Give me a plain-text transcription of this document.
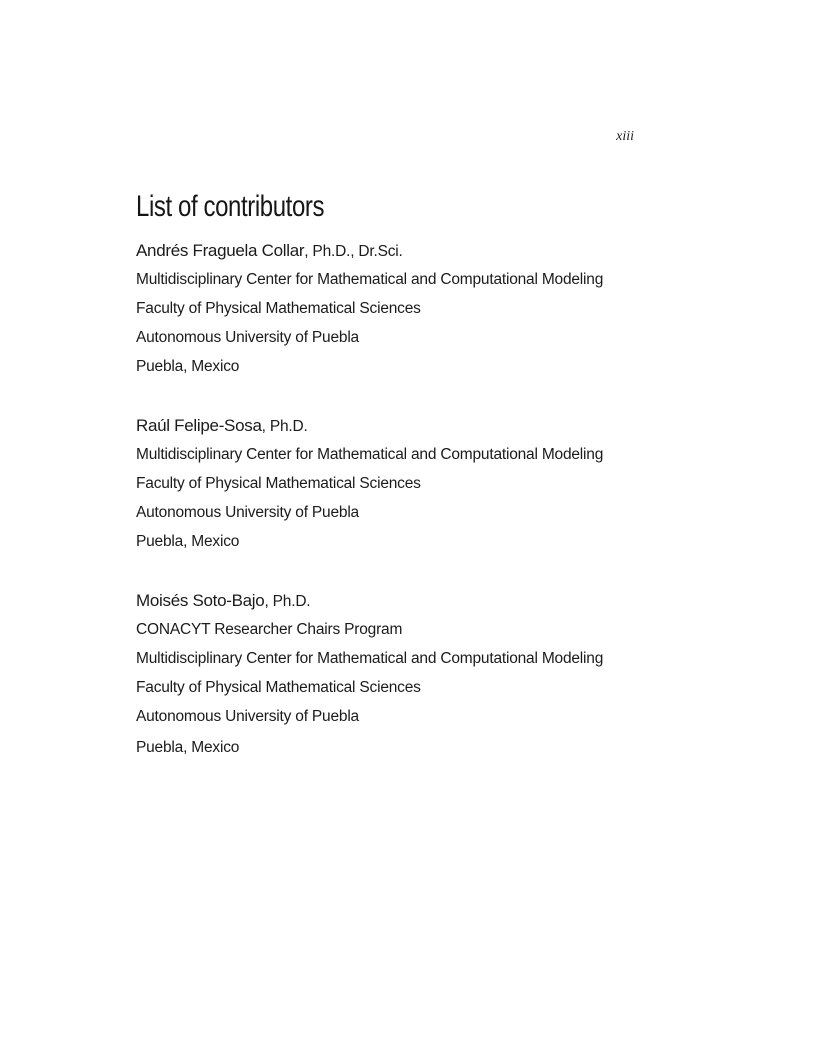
xiii
List of contributors
Andrés Fraguela Collar, Ph.D., Dr.Sci.
Multidisciplinary Center for Mathematical and Computational Modeling
Faculty of Physical Mathematical Sciences
Autonomous University of Puebla
Puebla, Mexico
Raúl Felipe-Sosa, Ph.D.
Multidisciplinary Center for Mathematical and Computational Modeling
Faculty of Physical Mathematical Sciences
Autonomous University of Puebla
Puebla, Mexico
Moisés Soto-Bajo, Ph.D.
CONACYT Researcher Chairs Program
Multidisciplinary Center for Mathematical and Computational Modeling
Faculty of Physical Mathematical Sciences
Autonomous University of Puebla
Puebla, Mexico
